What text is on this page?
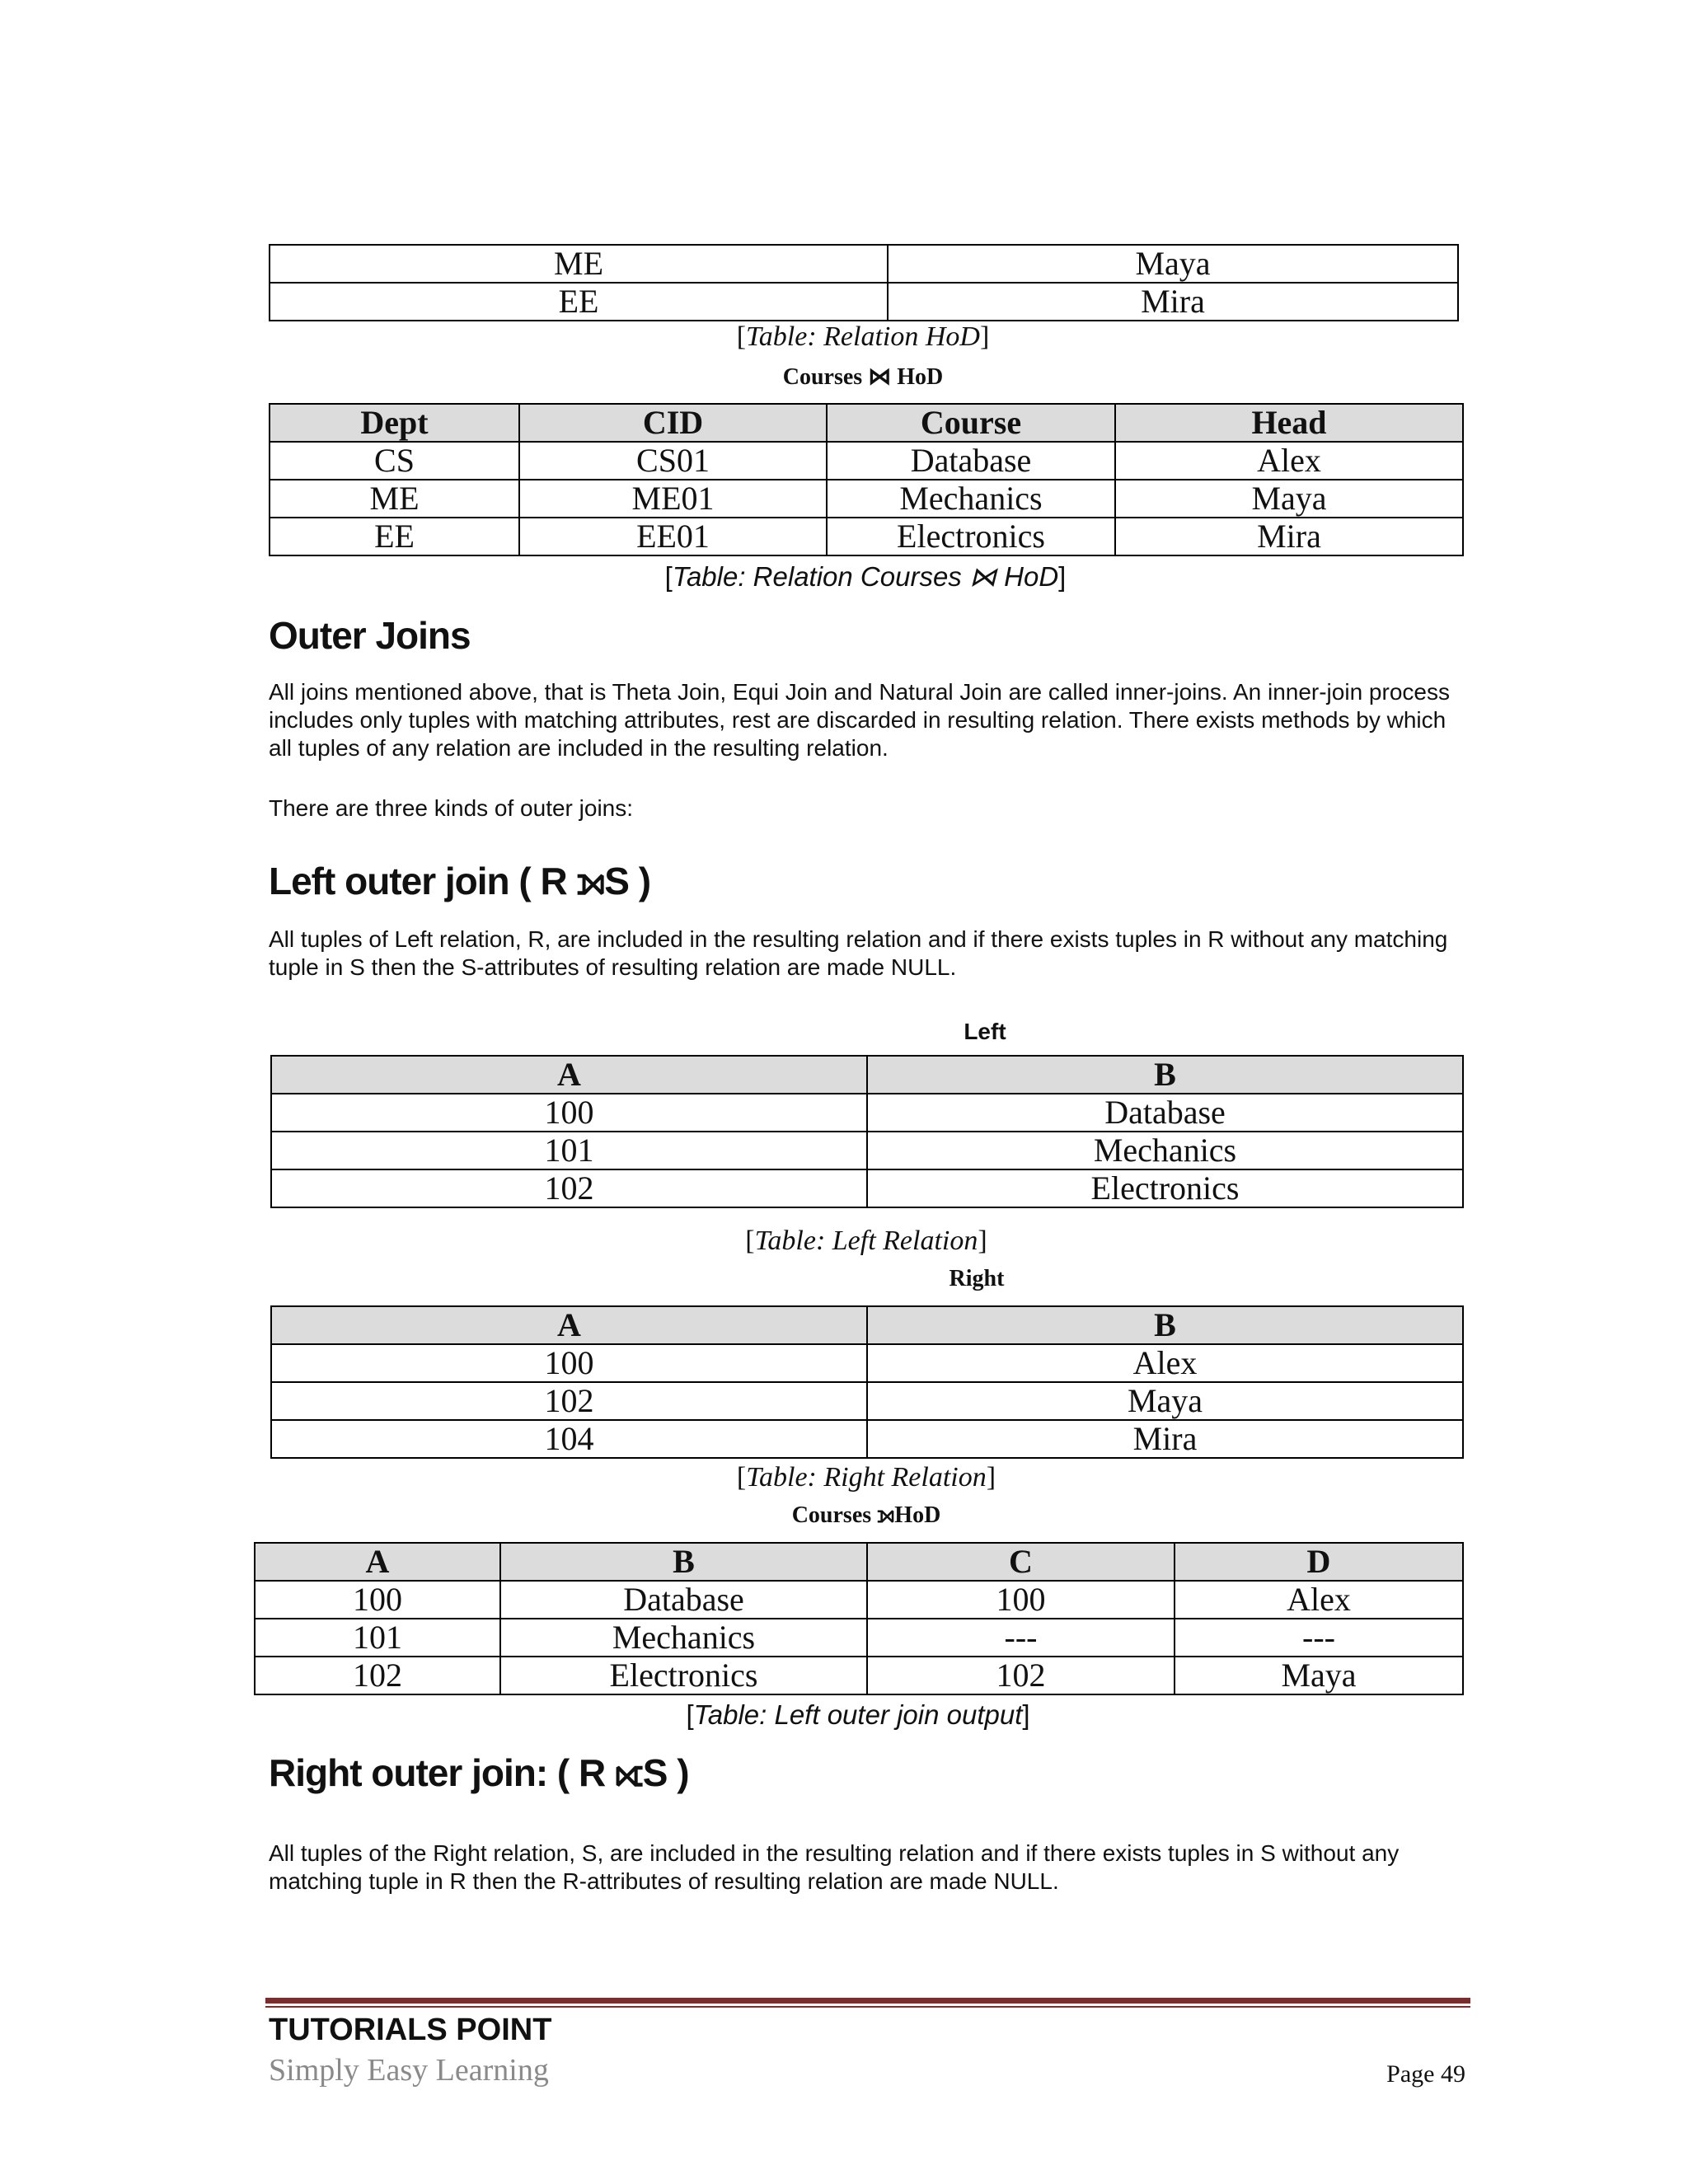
ME	Maya
EE	Mira
[Table: Relation HoD]
Courses ⋈ HoD
Dept	CID	Course	Head
CS	CS01	Database	Alex
ME	ME01	Mechanics	Maya
EE	EE01	Electronics	Mira
[Table: Relation Courses ⋈ HoD]
Outer Joins

All joins mentioned above, that is Theta Join, Equi Join and Natural Join are called inner-joins. An inner-join process includes only tuples with matching attributes, rest are discarded in resulting relation. There exists methods by which all tuples of any relation are included in the resulting relation.

There are three kinds of outer joins:

Left outer join ( R ⟕S )

All tuples of Left relation, R, are included in the resulting relation and if there exists tuples in R without any matching tuple in S then the S-attributes of resulting relation are made NULL.

Left
A	B
100	Database
101	Mechanics
102	Electronics
[Table: Left Relation]
Right
A	B
100	Alex
102	Maya
104	Mira
[Table: Right Relation]
Courses ⟕HoD
A	B	C	D
100	Database	100	Alex
101	Mechanics	---	---
102	Electronics	102	Maya
[Table: Left outer join output]
Right outer join: ( R ⟖S )

All tuples of the Right relation, S, are included in the resulting relation and if there exists tuples in S without any matching tuple in R then the R-attributes of resulting relation are made NULL.

TUTORIALS POINT
Simply Easy Learning	Page 49
